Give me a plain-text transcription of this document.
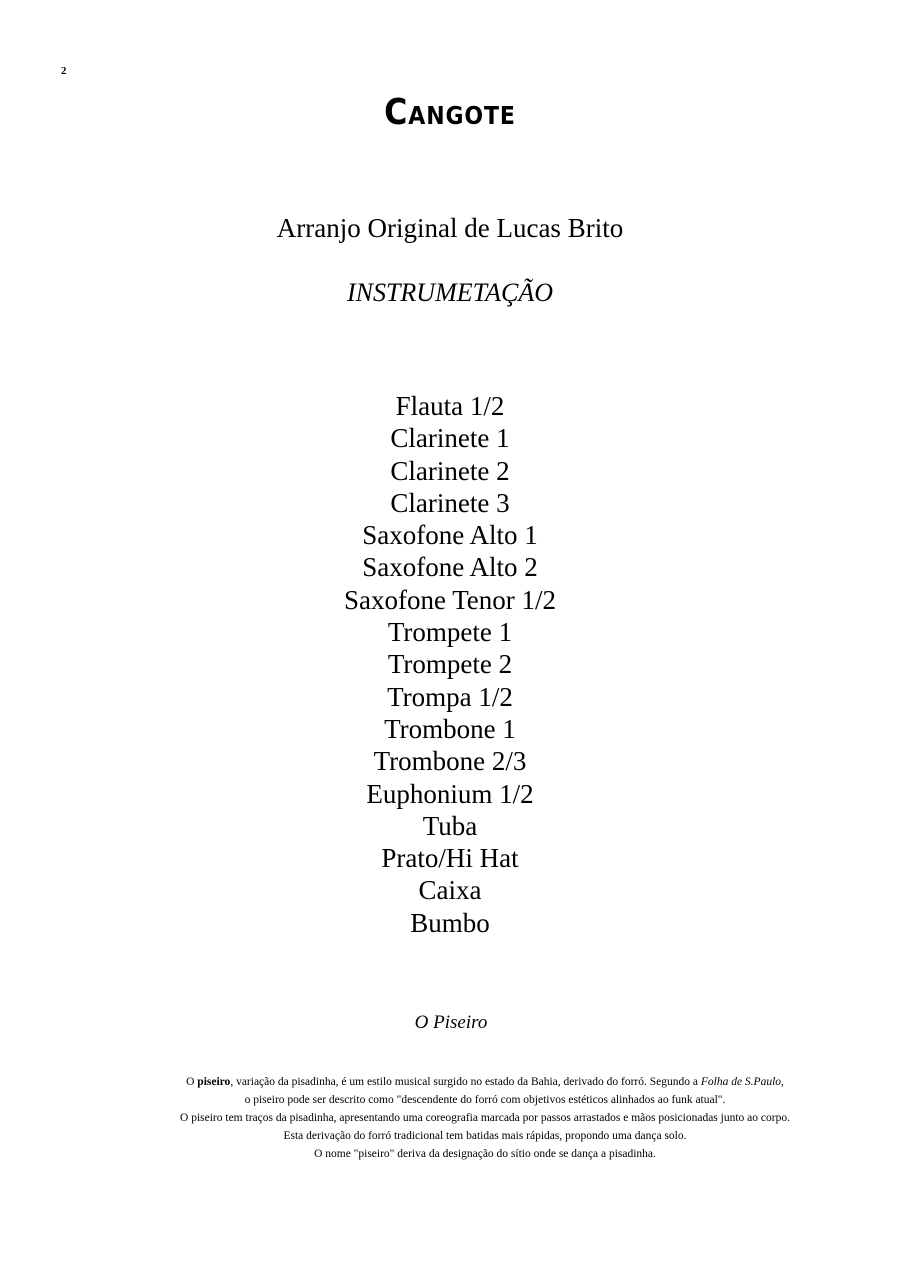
2
Cangote
Arranjo Original de Lucas Brito
INSTRUMETAÇÃO
Flauta 1/2
Clarinete 1
Clarinete 2
Clarinete 3
Saxofone Alto 1
Saxofone Alto 2
Saxofone Tenor 1/2
Trompete 1
Trompete 2
Trompa 1/2
Trombone 1
Trombone 2/3
Euphonium 1/2
Tuba
Prato/Hi Hat
Caixa
Bumbo
O Piseiro

O piseiro, variação da pisadinha, é um estilo musical surgido no estado da Bahia, derivado do forró. Segundo a Folha de S.Paulo,

o piseiro pode ser descrito como "descendente do forró com objetivos estéticos alinhados ao funk atual".

O piseiro tem traços da pisadinha, apresentando uma coreografia marcada por passos arrastados e mãos posicionadas junto ao corpo.

Esta derivação do forró tradicional tem batidas mais rápidas, propondo uma dança solo.

O nome "piseiro" deriva da designação do sítio onde se dança a pisadinha.
